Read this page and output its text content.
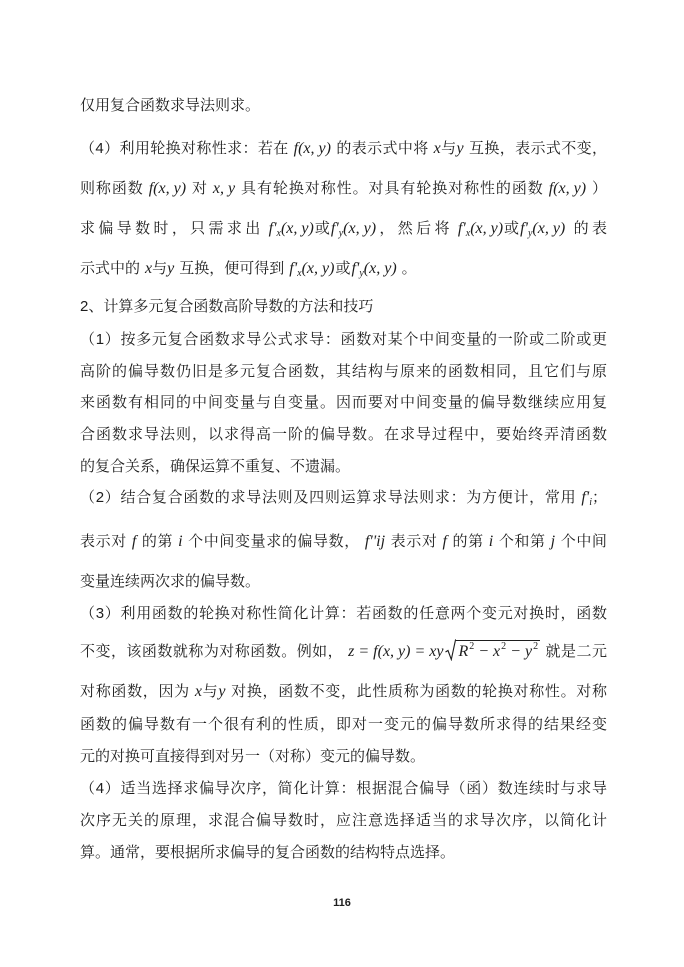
仅用复合函数求导法则求。
（4）利用轮换对称性求：若在 f(x, y) 的表示式中将 x与y 互换，表示式不变，
则称函数 f(x, y) 对 x, y 具有轮换对称性。对具有轮换对称性的函数 f(x, y) ）
求偏导数时，只需求出 f'x(x, y)或f'y(x, y)，然后将 f'x(x, y)或f'y(x, y) 的表
示式中的 x与y 互换，便可得到 f'x(x, y)或f'y(x, y) 。
2、计算多元复合函数高阶导数的方法和技巧
（1）按多元复合函数求导公式求导：函数对某个中间变量的一阶或二阶或更
高阶的偏导数仍旧是多元复合函数，其结构与原来的函数相同，且它们与原
来函数有相同的中间变量与自变量。因而要对中间变量的偏导数继续应用复
合函数求导法则，以求得高一阶的偏导数。在求导过程中，要始终弄清函数
的复合关系，确保运算不重复、不遗漏。
（2）结合复合函数的求导法则及四则运算求导法则求：为方便计，常用 f'i；
表示对 f 的第 i 个中间变量求的偏导数， f''ij 表示对 f 的第 i 个和第 j 个中间
变量连续两次求的偏导数。
（3）利用函数的轮换对称性简化计算：若函数的任意两个变元对换时，函数
不变，该函数就称为对称函数。例如， z = f(x, y) = xy R2 − x2 − y2 就是二元
对称函数，因为 x与y 对换，函数不变，此性质称为函数的轮换对称性。对称
函数的偏导数有一个很有利的性质，即对一变元的偏导数所求得的结果经变
元的对换可直接得到对另一（对称）变元的偏导数。
（4）适当选择求偏导次序，简化计算：根据混合偏导（函）数连续时与求导
次序无关的原理，求混合偏导数时，应注意选择适当的求导次序，以简化计
算。通常，要根据所求偏导的复合函数的结构特点选择。
116
